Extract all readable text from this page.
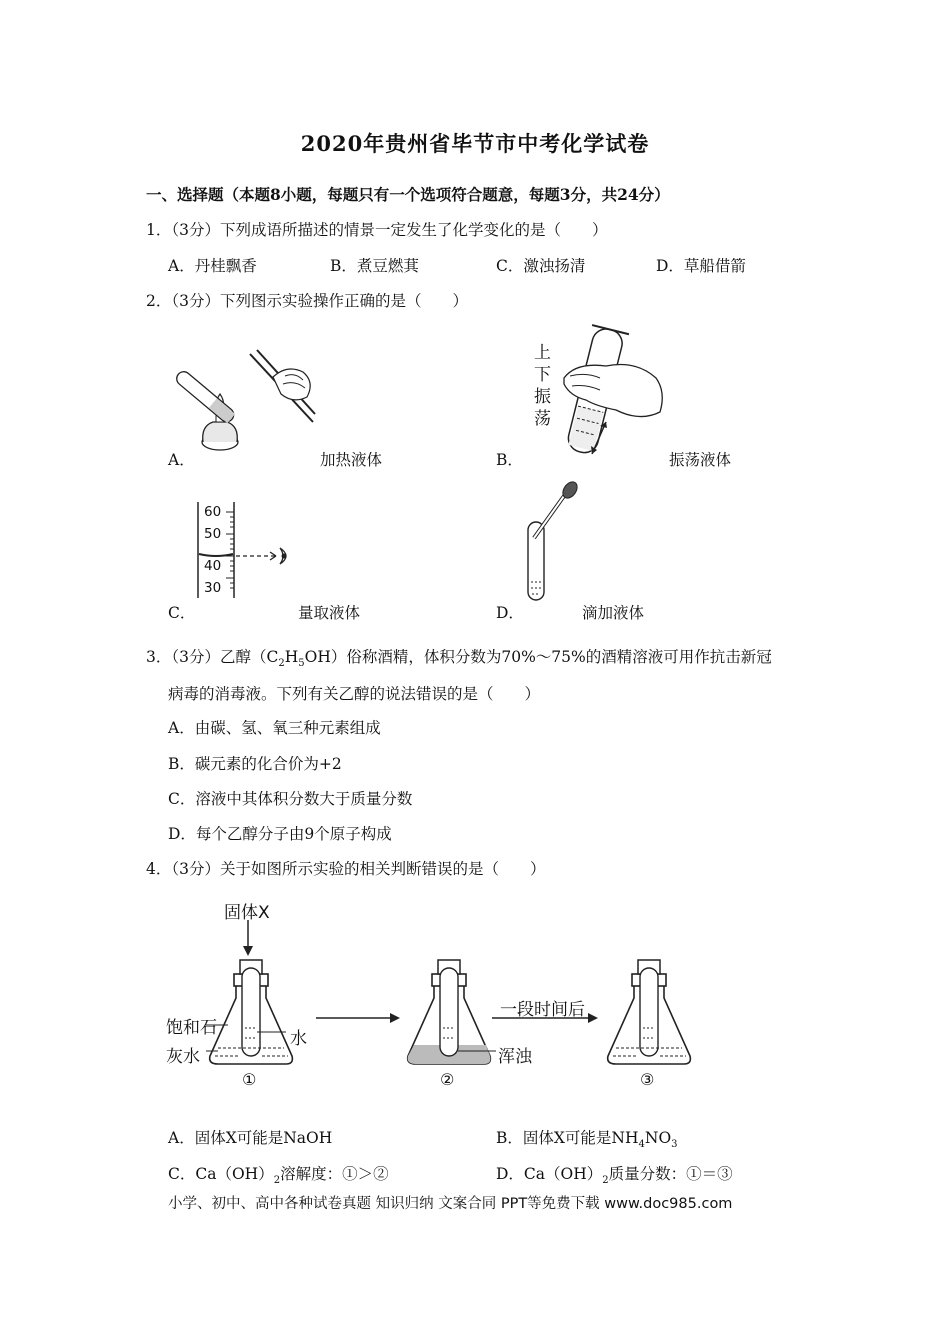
2020年贵州省毕节市中考化学试卷
一、选择题（本题8小题，每题只有一个选项符合题意，每题3分，共24分）
1．（3分）下列成语所描述的情景一定发生了化学变化的是（　　）
A．丹桂飘香	B．煮豆燃萁	C．激浊扬清	D．草船借箭
2．（3分）下列图示实验操作正确的是（　　）
A．	加热液体
上
下
振
荡
B．	振荡液体
60
50
40
30
C．	量取液体	D．	滴加液体
3．（3分）乙醇$(C_2H_5OH)$俗称酒精，体积分数为70%～75%的酒精溶液可用作抗击新冠
病毒的消毒液。下列有关乙醇的说法错误的是（　　）
A．由碳、氢、氧三种元素组成
B．碳元素的化合价为+2
C．溶液中其体积分数大于质量分数
D．每个乙醇分子由9个原子构成
4．（3分）关于如图所示实验的相关判断错误的是（　　）
固体X
饱和石
灰水
水
浑浊
一段时间后
①	②	③
A．固体X可能是NaOH	B．固体X可能是$NH_4NO_3$
C．$Ca(OH)_2$溶解度：①＞②	D．$Ca(OH)_2$质量分数：①＝③
小学、初中、高中各种试卷真题 知识归纳 文案合同 PPT等免费下载 www.doc985.com
